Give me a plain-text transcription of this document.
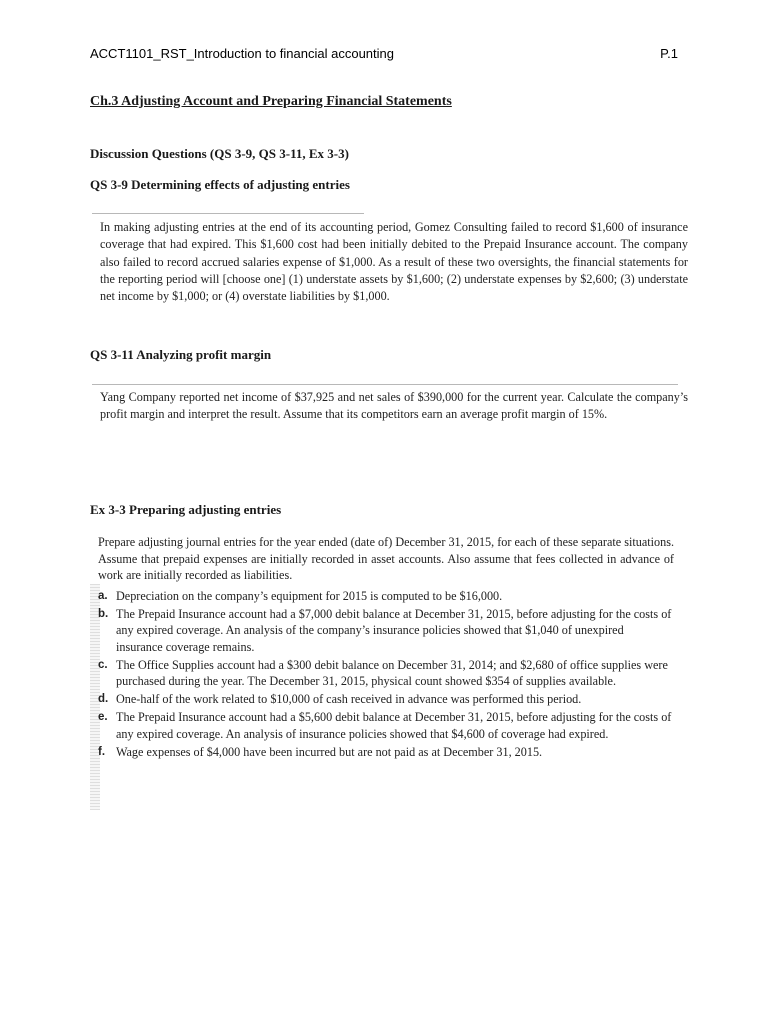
ACCT1101_RST_Introduction to financial accounting	P.1
Ch.3 Adjusting Account and Preparing Financial Statements
Discussion Questions (QS 3-9, QS 3-11, Ex 3-3)
QS 3-9 Determining effects of adjusting entries

In making adjusting entries at the end of its accounting period, Gomez Consulting failed to record $1,600 of insurance coverage that had expired. This $1,600 cost had been initially debited to the Prepaid Insurance account. The company also failed to record accrued salaries expense of $1,000. As a result of these two oversights, the financial statements for the reporting period will [choose one] (1) understate assets by $1,600; (2) understate expenses by $2,600; (3) understate net income by $1,000; or (4) overstate liabilities by $1,000.

QS 3-11 Analyzing profit margin

Yang Company reported net income of $37,925 and net sales of $390,000 for the current year. Calculate the company’s profit margin and interpret the result. Assume that its competitors earn an average profit margin of 15%.

Ex 3-3 Preparing adjusting entries

Prepare adjusting journal entries for the year ended (date of) December 31, 2015, for each of these separate situations. Assume that prepaid expenses are initially recorded in asset accounts. Also assume that fees collected in advance of work are initially recorded as liabilities.

a. Depreciation on the company’s equipment for 2015 is computed to be $16,000.
b. The Prepaid Insurance account had a $7,000 debit balance at December 31, 2015, before adjusting for the costs of any expired coverage. An analysis of the company’s insurance policies showed that $1,040 of unexpired insurance coverage remains.
c. The Office Supplies account had a $300 debit balance on December 31, 2014; and $2,680 of office supplies were purchased during the year. The December 31, 2015, physical count showed $354 of supplies available.
d. One-half of the work related to $10,000 of cash received in advance was performed this period.
e. The Prepaid Insurance account had a $5,600 debit balance at December 31, 2015, before adjusting for the costs of any expired coverage. An analysis of insurance policies showed that $4,600 of coverage had expired.
f. Wage expenses of $4,000 have been incurred but are not paid as at December 31, 2015.
